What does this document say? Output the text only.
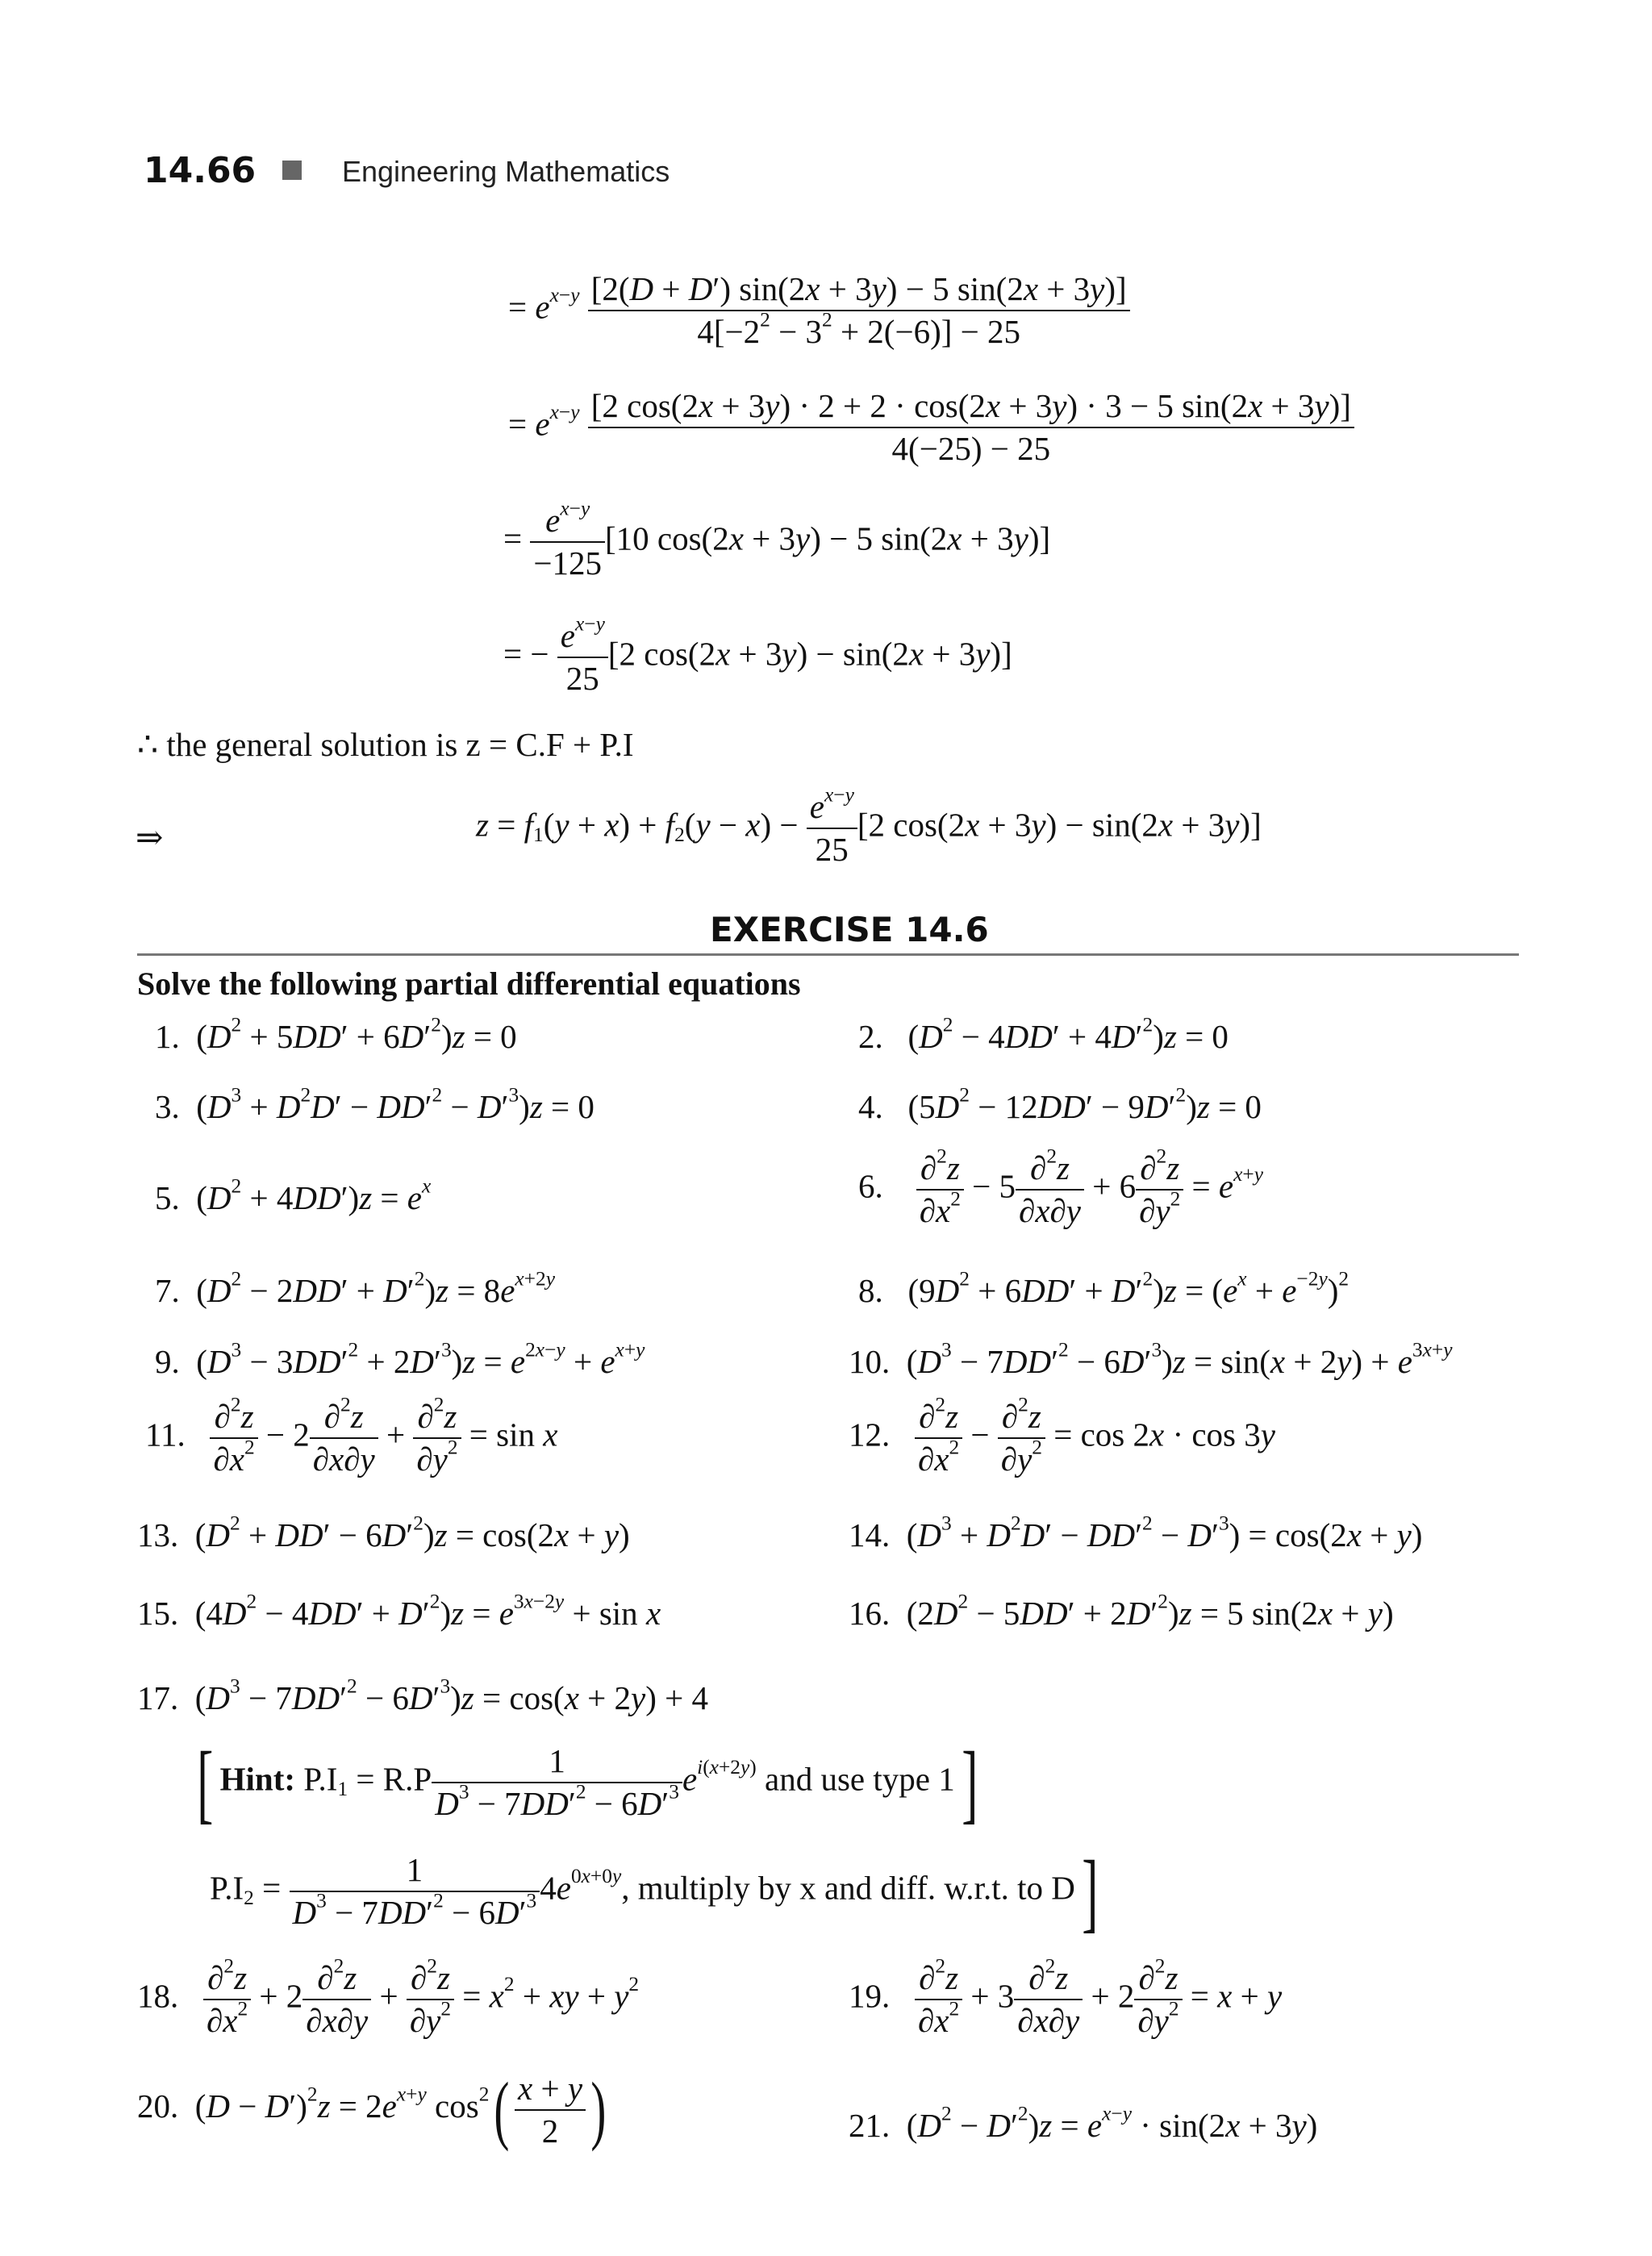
14.66	Engineering Mathematics
= $e^{x-y} \frac{[2(D + D') \sin(2x + 3y) - 5 \sin(2x + 3y)]}{4[-2^2 - 3^2 + 2(-6)] - 25}$
= $e^{x-y} \frac{[2 \cos(2x + 3y) \cdot 2 + 2 \cdot \cos(2x + 3y) \cdot 3 - 5 \sin(2x + 3y)]}{4(-25) - 25}$
= $\frac{e^{x-y}}{-125} [10$ cos(2x + 3y) − 5 sin(2x + 3y)]
= − $\frac{e^{x-y}}{25} [2$ cos(2x + 3y) − sin(2x + 3y)]
∴ the general solution is z = C.F + P.I
⇒	$z = f_1(y + x) + f_2(y - x) - \frac{e^{x-y}}{25} [2$ cos(2x + 3y) − sin(2x + 3y)]
EXERCISE 14.6
Solve the following partial differential equations
1.  $(D^2 + 5DD' + 6D'^2)z = 0$	2.   $(D^2 - 4DD' + 4D'^2)z = 0$
3.  $(D^3 + D^2D' - DD'^2 - D'^3)z = 0$	4.   $(5D^2 - 12DD' - 9D'^2)z = 0$
5.  $(D^2 + 4DD')z = e^x$	6. $\frac{\partial^2z}{\partial x^2} - 5 \frac{\partial^2z}{\partial x\partial y} + 6 \frac{\partial^2z}{\partial y^2} = e^{x+y}$
7.  $(D^2 - 2DD' + D'^2)z = 8e^{x+2y}$	8.   $(9D^2 + 6DD' + D'^2)z = (e^x + e^{-2y})^2$
9.  $(D^3 - 3DD'^2 + 2D'^3)z = e^{2x-y} + e^{x+y}$	10.  $(D^3 - 7DD'^2 - 6D'^3)z = \sin(x + 2y) + e^{3x+y}$
11. $\frac{\partial^2z}{\partial x^2} - 2 \frac{\partial^2z}{\partial x\partial y} + \frac{\partial^2z}{\partial y^2} = \sin x$	12. $\frac{\partial^2z}{\partial x^2} - \frac{\partial^2z}{\partial y^2} = \cos 2x \cdot \cos 3y$
13.  $(D^2 + DD' - 6D'^2)z = \cos(2x + y)$	14.  $(D^3 + D^2D' - DD'^2 - D'^3) = \cos(2x + y)$
15.  $(4D^2 - 4DD' + D'^2)z = e^{3x-2y} + \sin x$	16.  $(2D^2 - 5DD' + 2D'^2)z = 5$ sin(2x + y)
17.  $(D^3 - 7DD'^2 - 6D'^3)z = \cos(x + 2y) + 4$
[ Hint: $P.I_1 = R.P \frac{1}{D^3 - 7DD'^2 - 6D'^3} e^{i(x+2y)}$ and use type 1]
$P.I_2 = \frac{1}{D^3 - 7DD'^2 - 6D'^3} 4e^{0x+0y}$, multiply by x and diff. w.r.t. to D]
18. $\frac{\partial^2z}{\partial x^2} + 2 \frac{\partial^2z}{\partial x\partial y} + \frac{\partial^2z}{\partial y^2} = x^2$ + xy + $y^2$	19. $\frac{\partial^2z}{\partial x^2} + 3 \frac{\partial^2z}{\partial x\partial y} + 2 \frac{\partial^2z}{\partial y^2} = x + y$
20.  $(D - D')^2z = 2e^{x+y}$ $\cos^2( \frac{x + y}{2}$ )	21.  $(D^2 - D'^2)z = e^{x-y} \cdot \sin(2x + 3y)$
